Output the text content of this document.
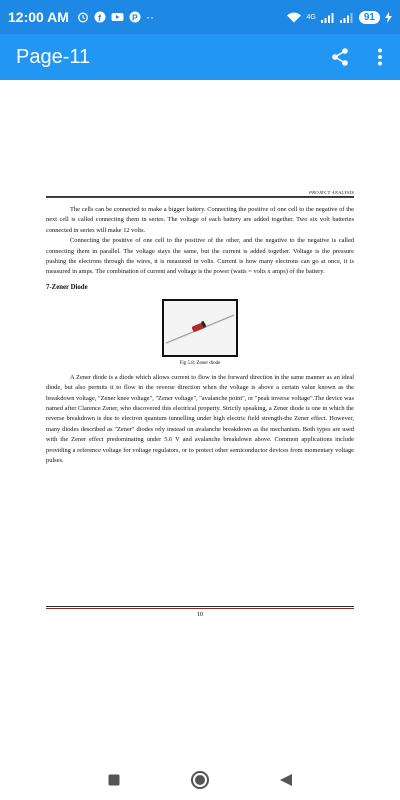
12:00 AM	f	P ··	4G	91
Page-11
PROJECT ANALYSIS

The cells can be connected to make a bigger battery. Connecting the positive of one cell to the negative of the next cell is called connecting them in series. The voltage of each battery are added together. Two six volt batteries connected in series will make 12 volts.

Connecting the positive of one cell to the positive of the other, and the negative to the negative is called connecting them in parallel. The voltage stays the same, but the current is added together. Voltage is the pressure pushing the electrons through the wires, it is measured in volts. Current is how many electrons can go at once, it is measured in amps. The combination of current and voltage is the power (watts = volts x amps) of the battery.

7-Zener Diode
Fig 5.8: Zener diode

A Zener diode is a diode which allows current to flow in the forward direction in the same manner as an ideal diode, but also permits it to flow in the reverse direction when the voltage is above a certain value known as the breakdown voltage, "Zener knee voltage", "Zener voltage", "avalanche point", or "peak inverse voltage".The device was named after Clarence Zener, who discovered this electrical property. Strictly speaking, a Zener diode is one in which the reverse breakdown is due to electron quantum tunnelling under high electric field strength-the Zener effect. However, many diodes described as "Zener" diodes rely instead on avalanche breakdown as the mechanism. Both types are used with the Zener effect predominating under 5.6 V and avalanche breakdown above. Common applications include providing a reference voltage for voltage regulators, or to protect other semiconductor devices from momentary voltage pulses.

10
